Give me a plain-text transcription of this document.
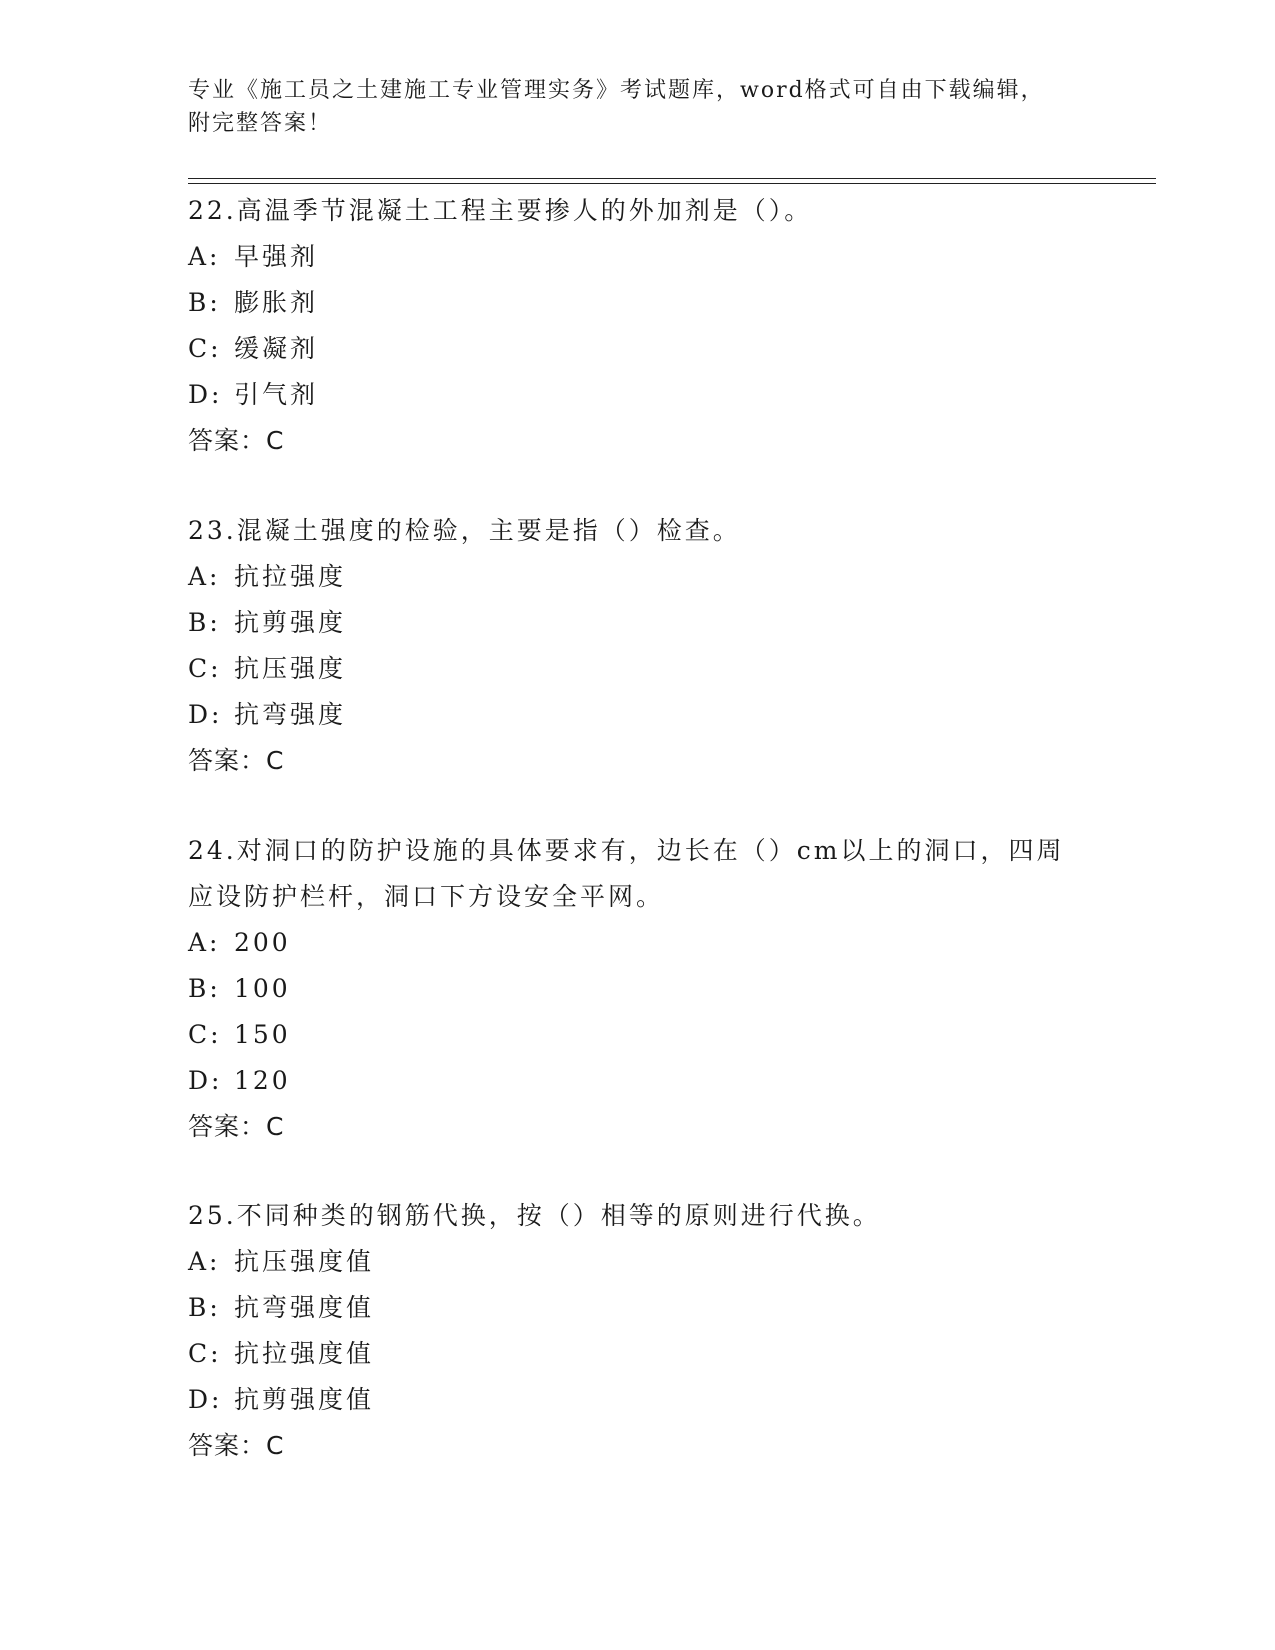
专业《施工员之土建施工专业管理实务》考试题库，word格式可自由下载编辑，
附完整答案！

22.高温季节混凝土工程主要掺人的外加剂是（）。

A: 早强剂

B: 膨胀剂

C: 缓凝剂

D: 引气剂

答案：C

23.混凝土强度的检验，主要是指（）检查。

A: 抗拉强度

B: 抗剪强度

C: 抗压强度

D: 抗弯强度

答案：C

24.对洞口的防护设施的具体要求有，边长在（）cm以上的洞口，四周

应设防护栏杆，洞口下方设安全平网。

A: 200

B: 100

C: 150

D: 120

答案：C

25.不同种类的钢筋代换，按（）相等的原则进行代换。

A: 抗压强度值

B: 抗弯强度值

C: 抗拉强度值

D: 抗剪强度值

答案：C
